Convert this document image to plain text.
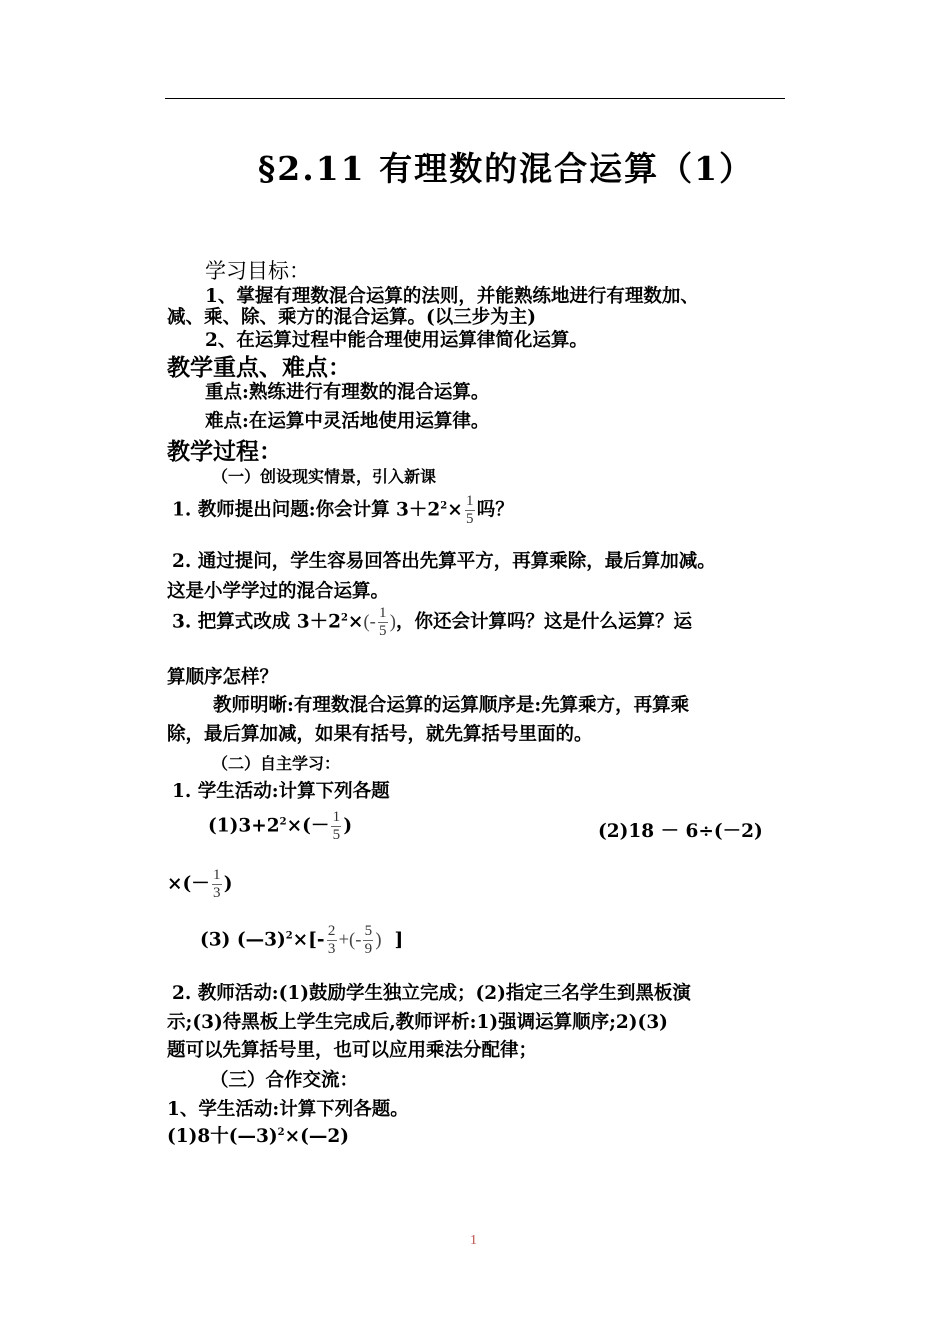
§2.11 有理数的混合运算（1）
学习目标：
1、掌握有理数混合运算的法则，并能熟练地进行有理数加、
减、乘、除、乘方的混合运算。(以三步为主)
2、在运算过程中能合理使用运算律简化运算。
教学重点、难点：
重点:熟练进行有理数的混合运算。
难点:在运算中灵活地使用运算律。
教学过程：
（一）创设现实情景，引入新课
1. 教师提出问题:你会计算 $3+2^2\times \frac{1}{5}$ 吗？
2. 通过提问，学生容易回答出先算平方，再算乘除，最后算加减。
这是小学学过的混合运算。
3. 把算式改成 $3+2^2\times(- \frac{1}{5}$ )，你还会计算吗？这是什么运算？运
算顺序怎样？
教师明晰:有理数混合运算的运算顺序是:先算乘方，再算乘
除，最后算加减，如果有括号，就先算括号里面的。
（二）自主学习：
1. 学生活动:计算下列各题
$(1)3+2^2\times(- \frac{1}{5}$ )	(2)18 － 6÷(－2)
×(－ $\frac{1}{3}$ )
(3) (—3)$^2$×[- $\frac{2}{3}$ +(- $\frac{5}{9}$ ) ]
2. 教师活动:(1)鼓励学生独立完成；(2)指定三名学生到黑板演
示;(3)待黑板上学生完成后,教师评析:1)强调运算顺序;2)(3)
题可以先算括号里，也可以应用乘法分配律；
（三）合作交流：
1、学生活动:计算下列各题。
(1)8十(—3)$^2$×(—2)
1
